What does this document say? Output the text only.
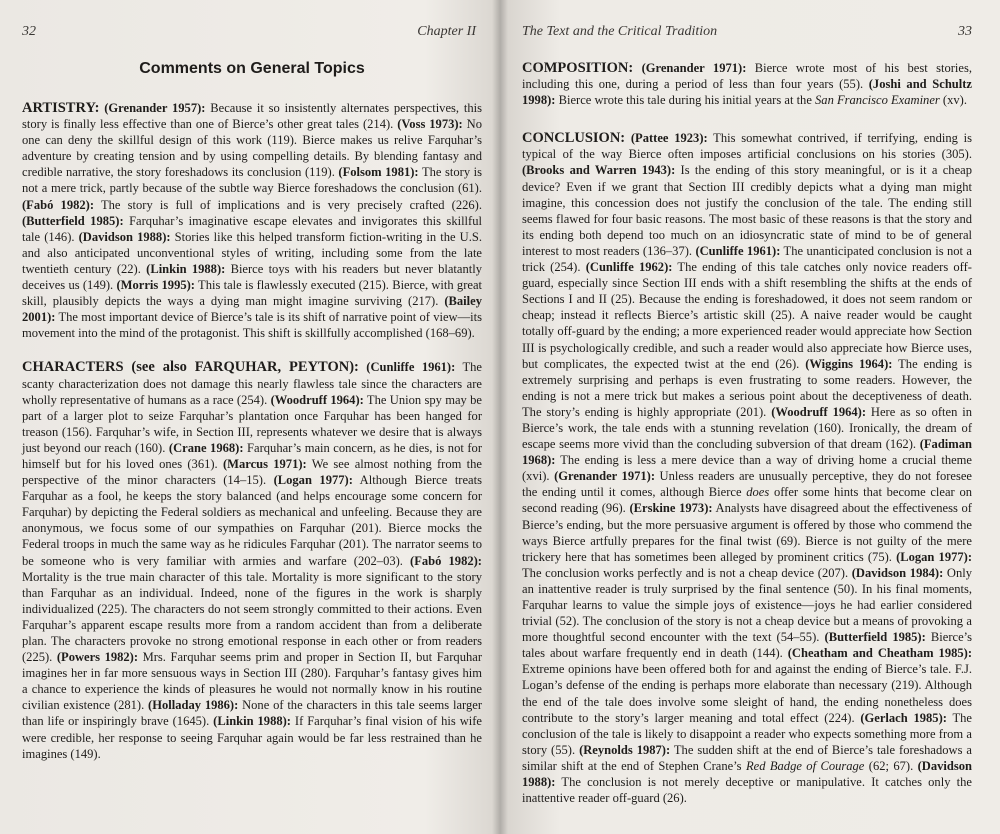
32	Chapter II
Comments on General Topics

ARTISTRY: (Grenander 1957): Because it so insistently alternates perspectives, this story is finally less effective than one of Bierce’s other great tales (214). (Voss 1973): No one can deny the skillful design of this work (119). Bierce makes us relive Farquhar’s adventure by creating tension and by using compelling details. By blending fantasy and credible narrative, the story foreshadows its conclusion (119). (Folsom 1981): The story is not a mere trick, partly because of the subtle way Bierce foreshadows the conclusion (61). (Fabó 1982): The story is full of implications and is very precisely crafted (226). (Butterfield 1985): Farquhar’s imaginative escape elevates and invigorates this skillful tale (146). (Davidson 1988): Stories like this helped transform fiction-writing in the U.S. and also anticipated unconventional styles of writing, including some from the late twentieth century (22). (Linkin 1988): Bierce toys with his readers but never blatantly deceives us (149). (Morris 1995): This tale is flawlessly executed (215). Bierce, with great skill, plausibly depicts the ways a dying man might imagine surviving (217). (Bailey 2001): The most important device of Bierce’s tale is its shift of narrative point of view—its movement into the mind of the protagonist. This shift is skillfully accomplished (168–69).

CHARACTERS (see also FARQUHAR, PEYTON): (Cunliffe 1961): The scanty characterization does not damage this nearly flawless tale since the characters are wholly representative of humans as a race (254). (Woodruff 1964): The Union spy may be part of a larger plot to seize Farquhar’s plantation once Farquhar has been hanged for treason (156). Farquhar’s wife, in Section III, represents whatever we desire that is always just beyond our reach (160). (Crane 1968): Farquhar’s main concern, as he dies, is not for himself but for his loved ones (361). (Marcus 1971): We see almost nothing from the perspective of the minor characters (14–15). (Logan 1977): Although Bierce treats Farquhar as a fool, he keeps the story balanced (and helps encourage some concern for Farquhar) by depicting the Federal soldiers as mechanical and unfeeling. Because they are anonymous, we focus some of our sympathies on Farquhar (201). Bierce mocks the Federal troops in much the same way as he ridicules Farquhar (201). The narrator seems to be someone who is very familiar with armies and warfare (202–03). (Fabó 1982): Mortality is the true main character of this tale. Mortality is more significant to the story than Farquhar as an individual. Indeed, none of the figures in the work is sharply individualized (225). The characters do not seem strongly committed to their actions. Even Farquhar’s apparent escape results more from a random accident than from a deliberate plan. The characters provoke no strong emotional response in each other or from readers (225). (Powers 1982): Mrs. Farquhar seems prim and proper in Section II, but Farquhar imagines her in far more sensuous ways in Section III (280). Farquhar’s fantasy gives him a chance to experience the kinds of pleasures he would not normally know in his routine civilian existence (281). (Holladay 1986): None of the characters in this tale seems larger than life or inspiringly brave (1645). (Linkin 1988): If Farquhar’s final vision of his wife were credible, her response to seeing Farquhar again would be far less restrained than he imagines (149).

The Text and the Critical Tradition	33

COMPOSITION: (Grenander 1971): Bierce wrote most of his best stories, including this one, during a period of less than four years (55). (Joshi and Schultz 1998): Bierce wrote this tale during his initial years at the San Francisco Examiner (xv).

CONCLUSION: (Pattee 1923): This somewhat contrived, if terrifying, ending is typical of the way Bierce often imposes artificial conclusions on his stories (305). (Brooks and Warren 1943): Is the ending of this story meaningful, or is it a cheap device? Even if we grant that Section III credibly depicts what a dying man might imagine, this concession does not justify the conclusion of the tale. The ending still seems flawed for four basic reasons. The most basic of these reasons is that the story and its ending both depend too much on an idiosyncratic state of mind to be of general interest to most readers (136–37). (Cunliffe 1961): The unanticipated conclusion is not a trick (254). (Cunliffe 1962): The ending of this tale catches only novice readers off-guard, especially since Section III ends with a shift resembling the shifts at the ends of Sections I and II (25). Because the ending is foreshadowed, it does not seem random or cheap; instead it reflects Bierce’s artistic skill (25). A naive reader would be caught totally off-guard by the ending; a more experienced reader would appreciate how Section III is psychologically credible, and such a reader would also appreciate how Bierce uses, but complicates, the expected twist at the end (26). (Wiggins 1964): The ending is extremely surprising and perhaps is even frustrating to some readers. However, the ending is not a mere trick but makes a serious point about the deceptiveness of death. The story’s ending is highly appropriate (201). (Woodruff 1964): Here as so often in Bierce’s work, the tale ends with a stunning revelation (160). Ironically, the dream of escape seems more vivid than the concluding subversion of that dream (162). (Fadiman 1968): The ending is less a mere device than a way of driving home a crucial theme (xvi). (Grenander 1971): Unless readers are unusually perceptive, they do not foresee the ending until it comes, although Bierce does offer some hints that become clear on second reading (96). (Erskine 1973): Analysts have disagreed about the effectiveness of Bierce’s ending, but the more persuasive argument is offered by those who commend the ways Bierce artfully prepares for the final twist (69). Bierce is not guilty of the mere trickery here that has sometimes been alleged by prominent critics (75). (Logan 1977): The conclusion works perfectly and is not a cheap device (207). (Davidson 1984): Only an inattentive reader is truly surprised by the final sentence (50). In his final moments, Farquhar learns to value the simple joys of existence—joys he had earlier considered trivial (52). The conclusion of the story is not a cheap device but a means of provoking a more thoughtful second encounter with the text (54–55). (Butterfield 1985): Bierce’s tales about warfare frequently end in death (144). (Cheatham and Cheatham 1985): Extreme opinions have been offered both for and against the ending of Bierce’s tale. F.J. Logan’s defense of the ending is perhaps more elaborate than necessary (219). Although the end of the tale does involve some sleight of hand, the ending nonetheless does contribute to the story’s larger meaning and total effect (224). (Gerlach 1985): The conclusion of the tale is likely to disappoint a reader who expects something more from a story (55). (Reynolds 1987): The sudden shift at the end of Bierce’s tale foreshadows a similar shift at the end of Stephen Crane’s Red Badge of Courage (62; 67). (Davidson 1988): The conclusion is not merely deceptive or manipulative. It catches only the inattentive reader off-guard (26).
